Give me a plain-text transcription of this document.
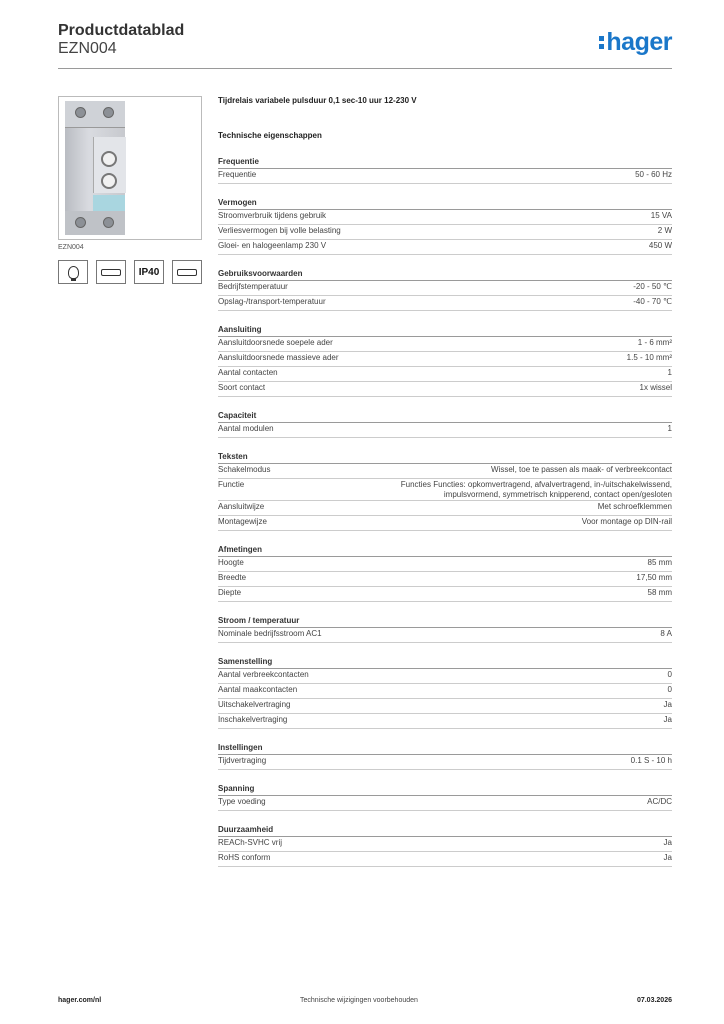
Productdatablad
EZN004	hager
EZN004
IP40
Tijdrelais variabele pulsduur 0,1 sec-10 uur 12-230 V
Technische eigenschappen
Frequentie
Frequentie	50 - 60 Hz
Vermogen
Stroomverbruik tijdens gebruik	15 VA
Verliesvermogen bij volle belasting	2 W
Gloei- en halogeenlamp 230 V	450 W
Gebruiksvoorwaarden
Bedrijfstemperatuur	-20 - 50 ℃
Opslag-/transport-temperatuur	-40 - 70 ℃
Aansluiting
Aansluitdoorsnede soepele ader	1 - 6 mm²
Aansluitdoorsnede massieve ader	1.5 - 10 mm²
Aantal contacten	1
Soort contact	1x wissel
Capaciteit
Aantal modulen	1
Teksten
Schakelmodus	Wissel, toe te passen als maak- of verbreekcontact
Functie	Functies Functies: opkomvertragend, afvalvertragend, in-/uitschakelwissend, impulsvormend, symmetrisch knipperend, contact open/gesloten
Aansluitwijze	Met schroefklemmen
Montagewijze	Voor montage op DIN-rail
Afmetingen
Hoogte	85 mm
Breedte	17,50 mm
Diepte	58 mm
Stroom / temperatuur
Nominale bedrijfsstroom AC1	8 A
Samenstelling
Aantal verbreekcontacten	0
Aantal maakcontacten	0
Uitschakelvertraging	Ja
Inschakelvertraging	Ja
Instellingen
Tijdvertraging	0.1 S - 10 h
Spanning
Type voeding	AC/DC
Duurzaamheid
REACh-SVHC vrij	Ja
RoHS conform	Ja
hager.com/nl	Technische wijzigingen voorbehouden	07.03.2026
